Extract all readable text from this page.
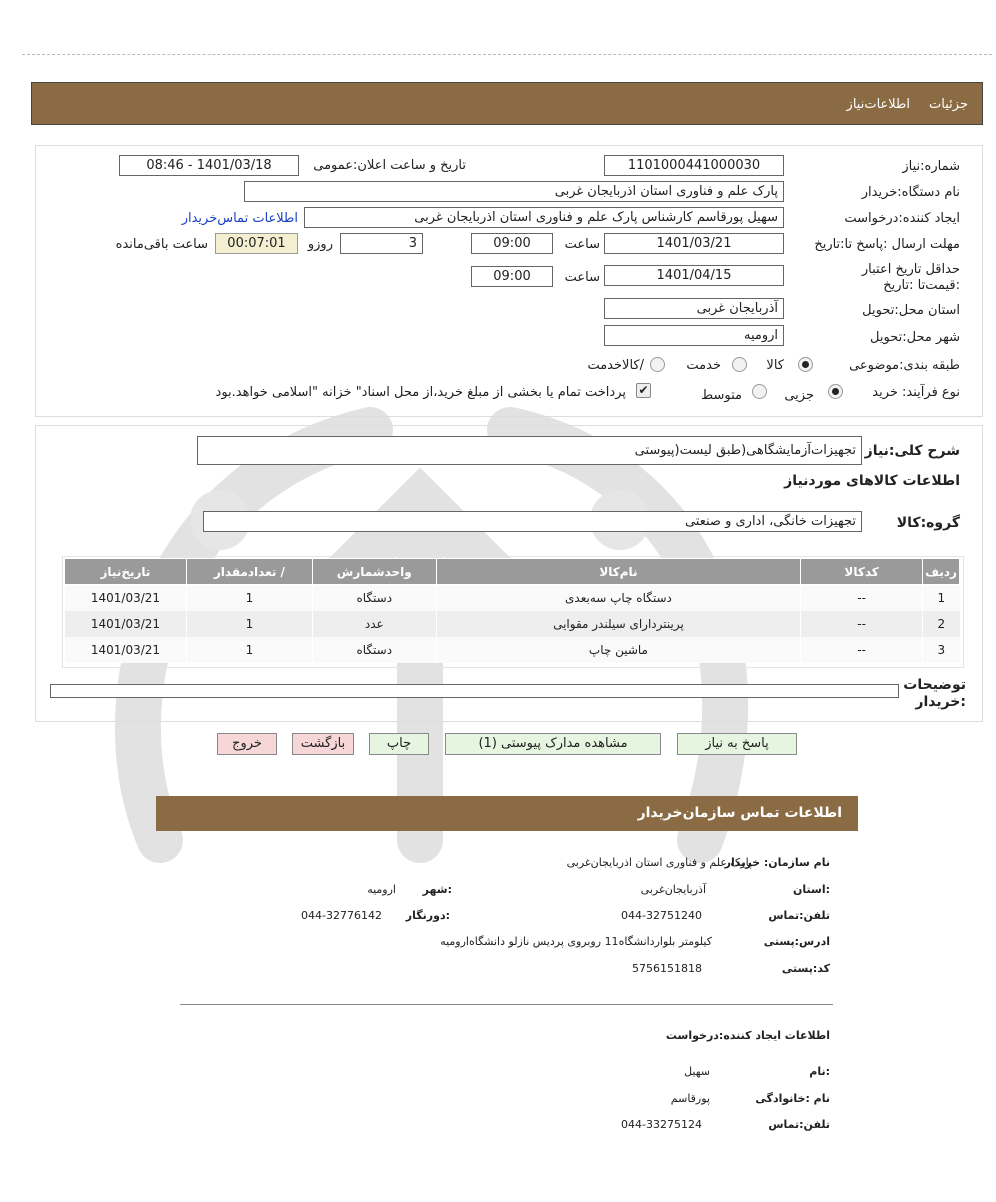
جزئیات
اطلاعات‌نیاز
شماره:نیاز
1101000441000030
تاریخ و ساعت اعلان:عمومی
1401/03/18 - 08:46
نام دستگاه:خریدار
پارک علم و فناوری استان اذربایجان غربی
ایجاد کننده:درخواست
سهیل پورقاسم کارشناس پارک علم و فناوری استان اذربایجان غربی
اطلاعات تماس‌خریدار
مهلت ارسال :پاسخ تا:تاریخ
1401/03/21
ساعت
09:00
3
روزو
00:07:01
ساعت باقی‌مانده
حداقل تاریخ اعتبار :قیمت‌تا :تاریخ
1401/04/15
ساعت
09:00
استان محل:تحویل
آذربایجان غربی
شهر محل:تحویل
ارومیه
طبقه بندی:موضوعی
کالا
خدمت
/کالاخدمت
نوع فرآیند: خرید
جزیی
متوسط
✔
پرداخت تمام یا بخشی از مبلغ خرید،از محل اسناد" خزانه "اسلامی خواهد.بود
شرح کلی:نیاز
تجهیزات‌آزمایشگاهی(طبق لیست(پیوستی
اطلاعات کالاهای موردنیاز
گروه:کالا
تجهیزات خانگی، اداری و صنعتی
ردیف	کدکالا	نام‌کالا	واحدشمارش	/ تعدادمقدار	تاریخ‌نیاز
1	--	دستگاه چاپ سه‌بعدی	دستگاه	1	1401/03/21
2	--	پرینتردارای سیلندر مقوایی	عدد	1	1401/03/21
3	--	ماشین چاپ	دستگاه	1	1401/03/21
توضیحات :خریدار
پاسخ به نیاز
مشاهده مدارک پیوستی (1)
چاپ
بازگشت
خروج
اطلاعات تماس سازمان‌خریدار
نام سازمان: خریدار
پارک علم و فناوری استان اذربایجان‌غربی
:استان
آذربایجان‌غربی
:شهر
ارومیه
تلفن:تماس
044-32751240
:دورنگار
044-32776142
ادرس:پستی
کیلومتر بلواردانشگاه11 روبروی پردیس نازلو دانشگاه‌ارومیه
کد:پستی
5756151818
اطلاعات ایجاد کننده:درخواست
:نام
سهیل
نام :خانوادگی
پورقاسم
تلفن:تماس
044-33275124
